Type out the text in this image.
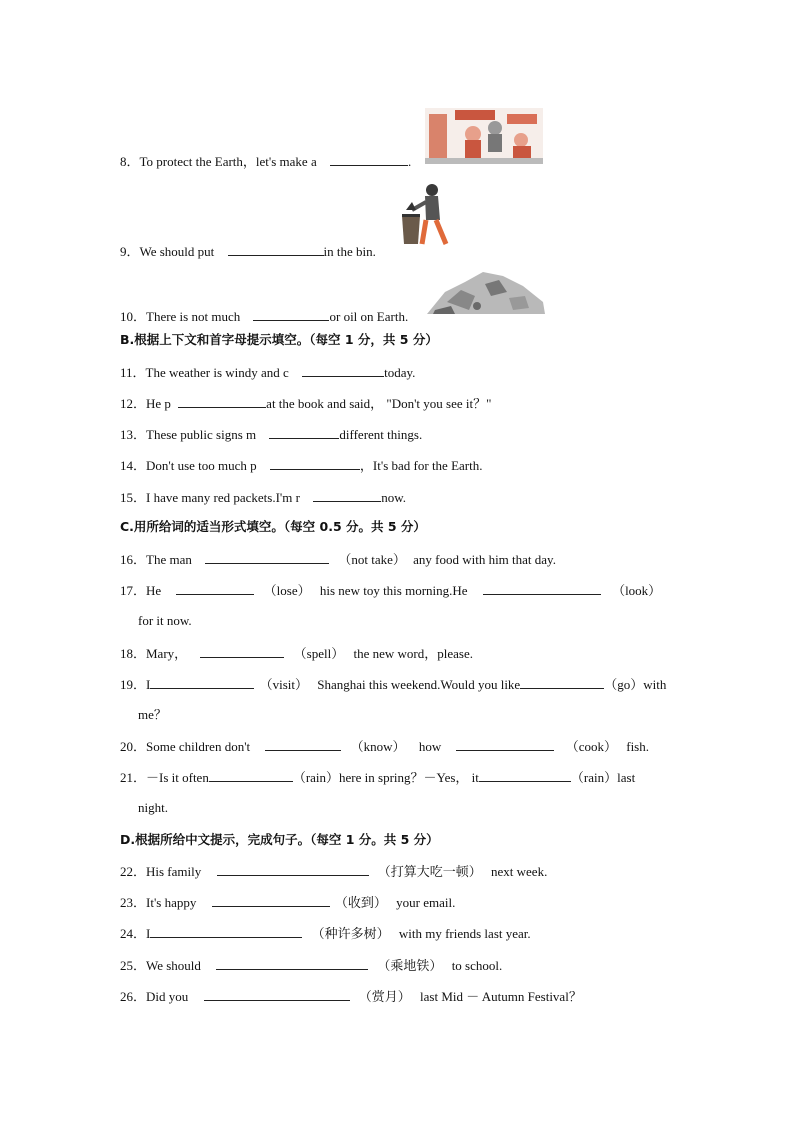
8．To protect the Earth，let's make a	.
9．We should put	in the bin.
10．There is not much	or oil on Earth.
B.根据上下文和首字母提示填空。（每空 1 分，共 5 分）
11．The weather is windy and c	today.
12．He p	at the book and said， "Don't you see it？"
13．These public signs m	different things.
14．Don't use too much p	，It's bad for the Earth.
15．I have many red packets.I'm r	now.
C.用所给词的适当形式填空。（每空 0.5 分。共 5 分）
16．The man	（not take） any food with him that day.
17．He	（lose） his new toy this morning.He	（look）
for it now.
18．Mary，	（spell） the new word，please.
19．I	（visit） Shanghai this weekend.Would you like	（go）with
me？
20．Some children don't	（know） how	（cook） fish.
21．－Is it often	（rain）here in spring？－Yes， it	（rain）last
night.
D.根据所给中文提示，完成句子。（每空 1 分。共 5 分）
22．His family	（打算大吃一顿） next week.
23．It's happy	（收到） your email.
24．I	（种许多树） with my friends last year.
25．We should	（乘地铁） to school.
26．Did you	（赏月） last Mid － Autumn Festival？
